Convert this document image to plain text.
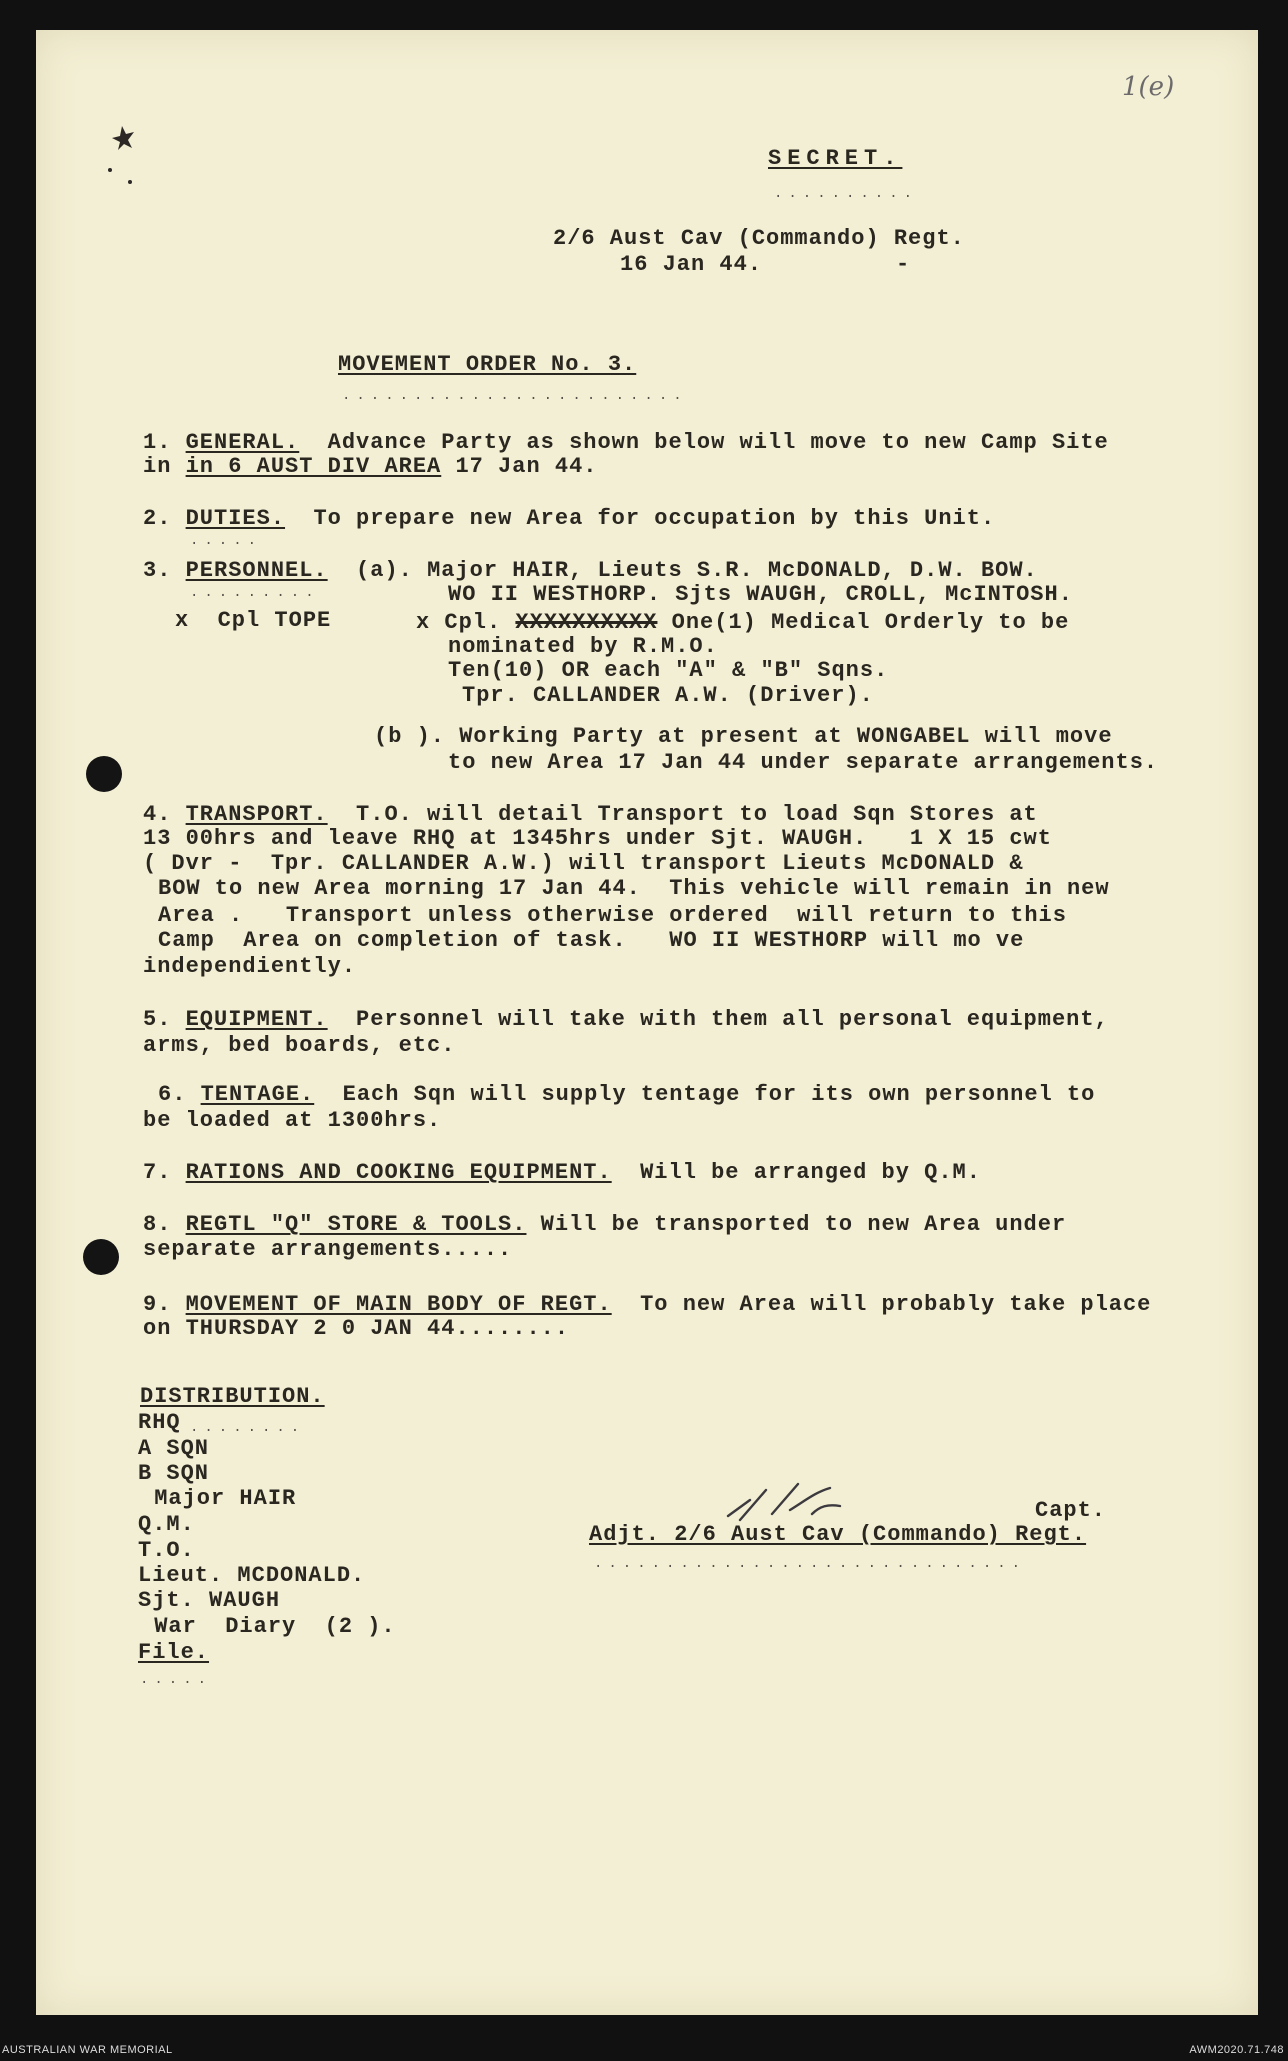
1(e)
SECRET.
..........
2/6 Aust Cav (Commando) Regt.
16 Jan 44.	-
MOVEMENT ORDER No. 3.
........................
1. GENERAL. Advance Party as shown below will move to new Camp Site
in in 6 AUST DIV AREA 17 Jan 44.
2. DUTIES. To prepare new Area for occupation by this Unit.
.....
3. PERSONNEL. (a). Major HAIR, Lieuts S.R. McDONALD, D.W. BOW.
.........	WO II WESTHORP. Sjts WAUGH, CROLL, McINTOSH.
x  Cpl TOPE	x Cpl. XXXXXXXXXX One(1) Medical Orderly to be
nominated by R.M.O.
Ten(10) OR each "A" & "B" Sqns.
Tpr. CALLANDER A.W. (Driver).
(b ). Working Party at present at WONGABEL will move
to new Area 17 Jan 44 under separate arrangements.
4. TRANSPORT. T.O. will detail Transport to load Sqn Stores at
13 00hrs and leave RHQ at 1345hrs under Sjt. WAUGH.   1 X 15 cwt
( Dvr -  Tpr. CALLANDER A.W.) will transport Lieuts McDONALD &
BOW to new Area morning 17 Jan 44.  This vehicle will remain in new
Area .   Transport unless otherwise ordered  will return to this
Camp  Area on completion of task.   WO II WESTHORP will mo ve
independiently.
5. EQUIPMENT. Personnel will take with them all personal equipment,
arms, bed boards, etc.
6. TENTAGE. Each Sqn will supply tentage for its own personnel to
be loaded at 1300hrs.
7. RATIONS AND COOKING EQUIPMENT. Will be arranged by Q.M.
8. REGTL "Q" STORE & TOOLS. Will be transported to new Area under
separate arrangements.....
9. MOVEMENT OF MAIN BODY OF REGT. To new Area will probably take place
on THURSDAY 2 0 JAN 44........
DISTRIBUTION.
RHQ ........
A SQN
B SQN
Major HAIR
Q.M.
T.O.
Lieut. MCDONALD.
Sjt. WAUGH
War  Diary  (2 ).
File.
.....
Capt.
Adjt. 2/6 Aust Cav (Commando) Regt.
..............................
AUSTRALIAN WAR MEMORIAL	AWM2020.71.748
